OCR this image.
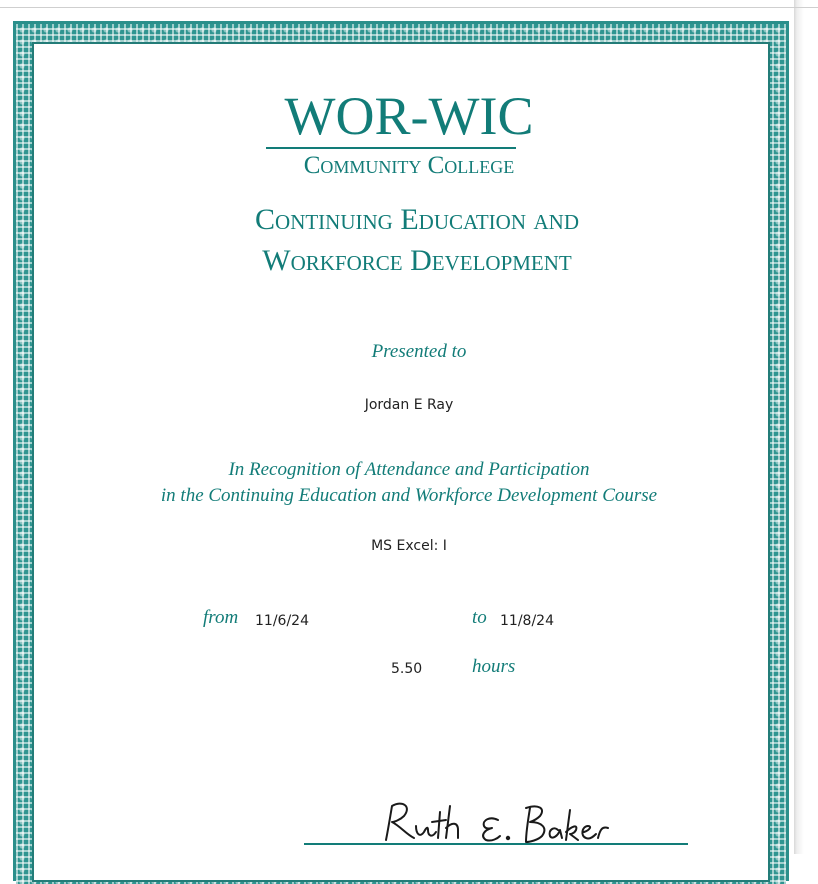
WOR-WIC
Community College
Continuing Education and
Workforce Development
Presented to
Jordan E Ray
In Recognition of Attendance and Participation
in the Continuing Education and Workforce Development Course
MS Excel: I
from 11/6/24	to 11/8/24
5.50	hours
